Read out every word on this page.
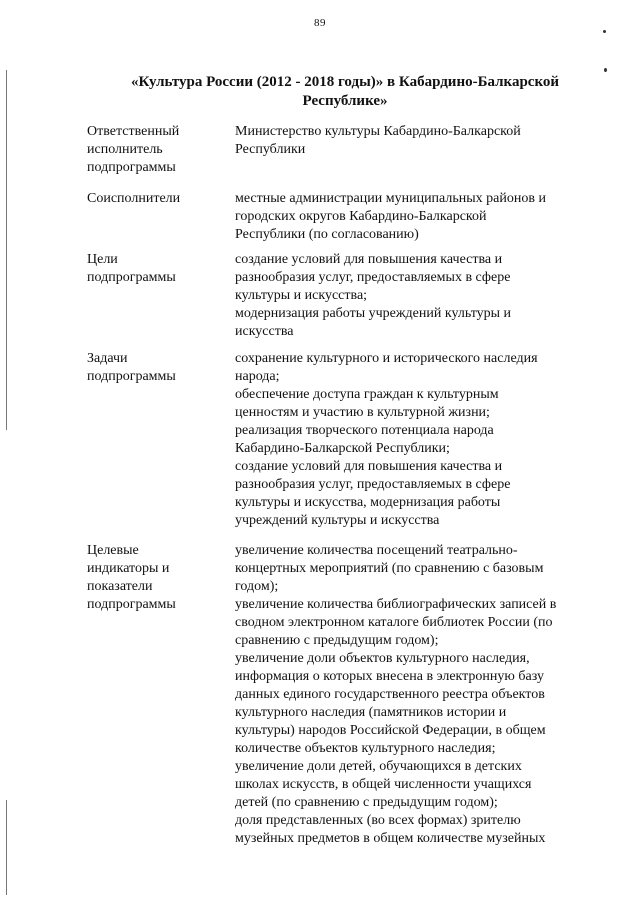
89
«Культура России (2012 - 2018 годы)» в Кабардино-Балкарской
Республике»
Ответственный
исполнитель
подпрограммы
Министерство культуры Кабардино-Балкарской
Республики
Соисполнители	местные администрации муниципальных районов и
городских округов Кабардино-Балкарской
Республики (по согласованию)
Цели
подпрограммы
создание условий для повышения качества и
разнообразия услуг, предоставляемых в сфере
культуры и искусства;
модернизация работы учреждений культуры и
искусства
Задачи
подпрограммы
сохранение культурного и исторического наследия
народа;
обеспечение доступа граждан к культурным
ценностям и участию в культурной жизни;
реализация творческого потенциала народа
Кабардино-Балкарской Республики;
создание условий для повышения качества и
разнообразия услуг, предоставляемых в сфере
культуры и искусства, модернизация работы
учреждений культуры и искусства
Целевые
индикаторы и
показатели
подпрограммы
увеличение количества посещений театрально-
концертных мероприятий (по сравнению с базовым
годом);
увеличение количества библиографических записей в
сводном электронном каталоге библиотек России (по
сравнению с предыдущим годом);
увеличение доли объектов культурного наследия,
информация о которых внесена в электронную базу
данных единого государственного реестра объектов
культурного наследия (памятников истории и
культуры) народов Российской Федерации, в общем
количестве объектов культурного наследия;
увеличение доли детей, обучающихся в детских
школах искусств, в общей численности учащихся
детей (по сравнению с предыдущим годом);
доля представленных (во всех формах) зрителю
музейных предметов в общем количестве музейных
